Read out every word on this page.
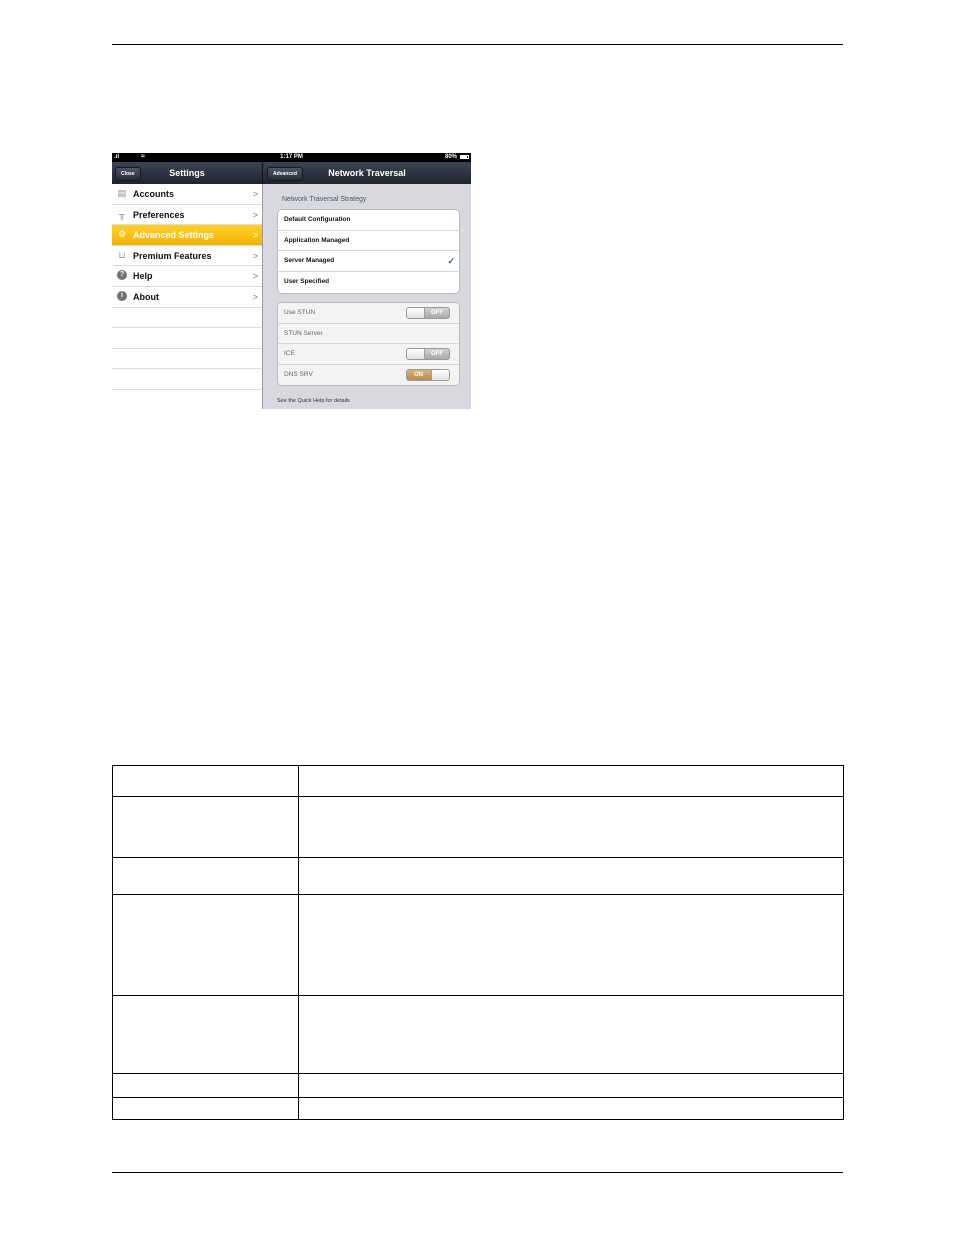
.ıl	≈	1:17 PM	80%
Settings
Close	Network Traversal
Advanced
▤ Accounts	>
╥ Preferences	>
⚙ Advanced Settings	>
⊔ Premium Features	>
? Help	>
i	About	>
Network Traversal Strategy
Default Configuration
Application Managed
Server Managed	✓
User Specified
Use STUN	OFF
STUN Server
ICE	OFF
DNS SRV	ON
See the Quick Help for details
